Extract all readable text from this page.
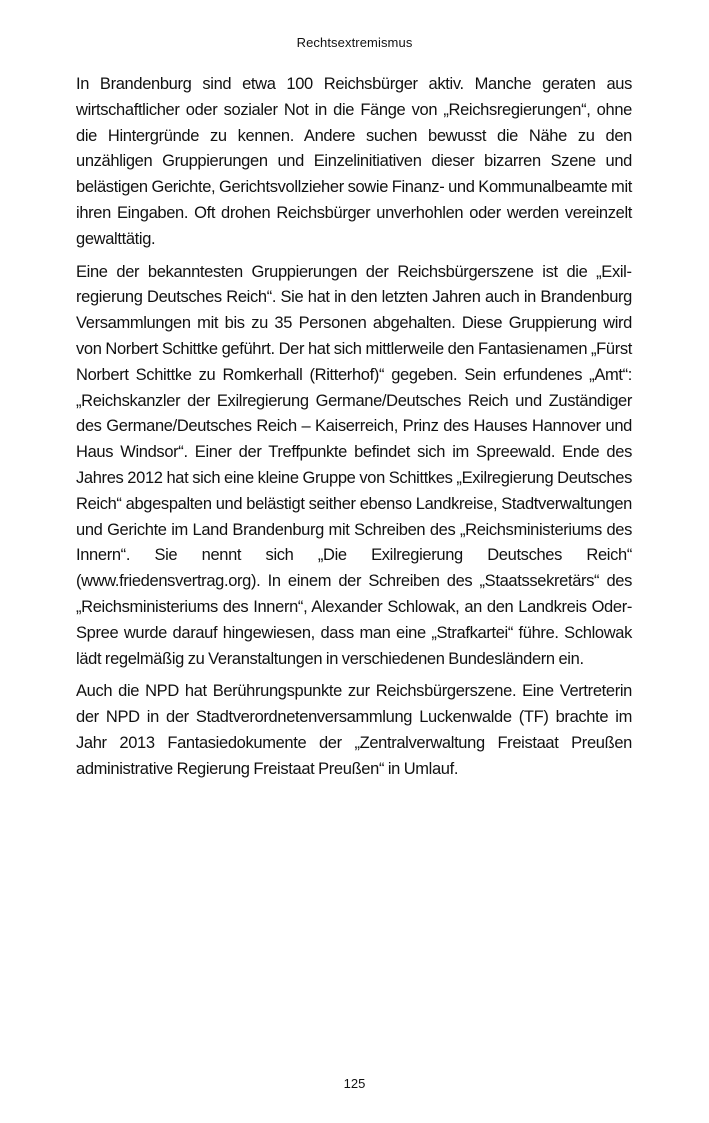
Rechtsextremismus

In Brandenburg sind etwa 100 Reichsbürger aktiv. Manche geraten aus wirtschaftlicher oder sozialer Not in die Fänge von „Reichsregierungen“, ohne die Hintergründe zu kennen. Andere suchen bewusst die Nähe zu den unzähligen Gruppierungen und Einzelinitiativen dieser bizarren Szene und belästigen Gerichte, Gerichtsvollzieher sowie Finanz- und Kommunalbeamte mit ihren Eingaben. Oft drohen Reichsbürger unverhohlen oder werden vereinzelt gewalttätig.

Eine der bekanntesten Gruppierungen der Reichsbürgerszene ist die „Exilregierung Deutsches Reich“. Sie hat in den letzten Jahren auch in Brandenburg Versammlungen mit bis zu 35 Personen abgehalten. Diese Gruppierung wird von Norbert Schittke geführt. Der hat sich mittlerweile den Fantasienamen „Fürst Norbert Schittke zu Romkerhall (Ritterhof)“ gegeben. Sein erfundenes „Amt“: „Reichskanzler der Exilregierung Germane/​Deutsches Reich und Zuständiger des Germane/Deutsches Reich – Kaiserreich, Prinz des Hauses Hannover und Haus Windsor“. Einer der Treffpunkte befindet sich im Spreewald. Ende des Jahres 2012 hat sich eine kleine Gruppe von Schittkes „Exilregierung Deutsches Reich“ abgespalten und belästigt seither ebenso Landkreise, Stadtverwaltungen und Gerichte im Land Brandenburg mit Schreiben des „Reichsministeriums des Innern“. Sie nennt sich „Die Exilregierung Deutsches Reich“ (www.friedensvertrag.​org). In einem der Schreiben des „Staatssekretärs“ des „Reichsministeriums des Innern“, Alexander Schlowak, an den Landkreis Oder-Spree wurde darauf hingewiesen, dass man eine „Strafkartei“ führe. Schlowak lädt regelmäßig zu Veranstaltungen in verschiedenen Bundesländern ein.

Auch die NPD hat Berührungspunkte zur Reichsbürgerszene. Eine Vertreterin der NPD in der Stadtverordnetenversammlung Luckenwalde (TF) brachte im Jahr 2013 Fantasiedokumente der „Zentralverwaltung Freistaat Preußen administrative Regierung Freistaat Preußen“ in Umlauf.

125
